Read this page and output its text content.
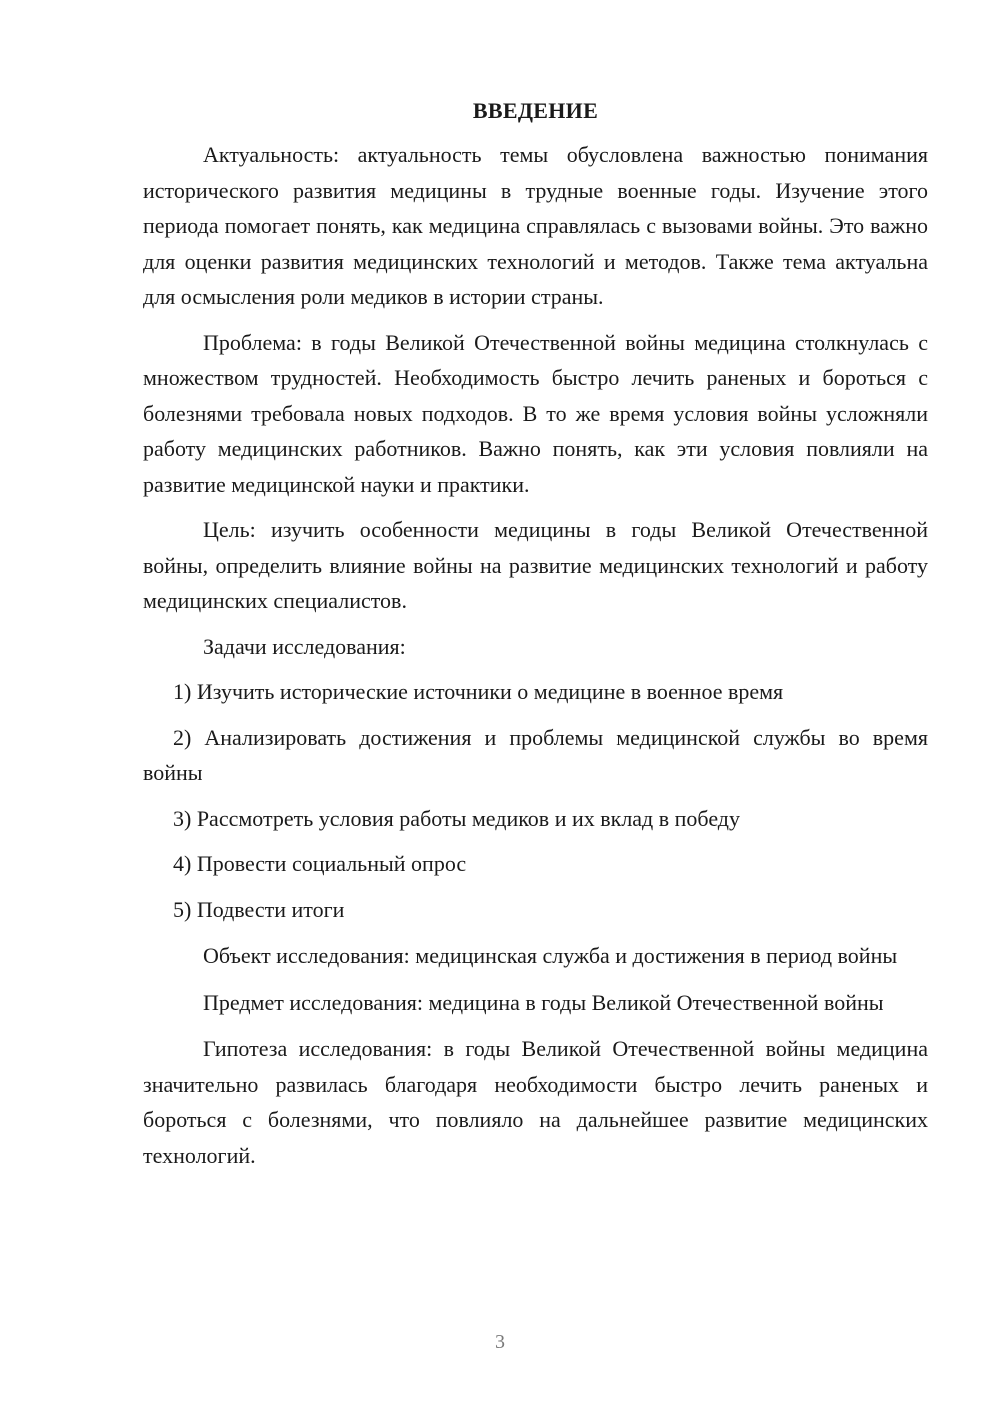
ВВЕДЕНИЕ

Актуальность: актуальность темы обусловлена важностью понимания исторического развития медицины в трудные военные годы. Изучение этого периода помогает понять, как медицина справлялась с вызовами войны. Это важно для оценки развития медицинских технологий и методов. Также тема актуальна для осмысления роли медиков в истории страны.

Проблема: в годы Великой Отечественной войны медицина столкнулась с множеством трудностей. Необходимость быстро лечить раненых и бороться с болезнями требовала новых подходов. В то же время условия войны усложняли работу медицинских работников. Важно понять, как эти условия повлияли на развитие медицинской науки и практики.

Цель: изучить особенности медицины в годы Великой Отечественной войны, определить влияние войны на развитие медицинских технологий и работу медицинских специалистов.

Задачи исследования:

1) Изучить исторические источники о медицине в военное время

2) Анализировать достижения и проблемы медицинской службы во время войны

3) Рассмотреть условия работы медиков и их вклад в победу

4) Провести социальный опрос

5) Подвести итоги

Объект исследования: медицинская служба и достижения в период войны

Предмет исследования: медицина в годы Великой Отечественной войны

Гипотеза исследования: в годы Великой Отечественной войны медицина значительно развилась благодаря необходимости быстро лечить раненых и бороться с болезнями, что повлияло на дальнейшее развитие медицинских технологий.

3
